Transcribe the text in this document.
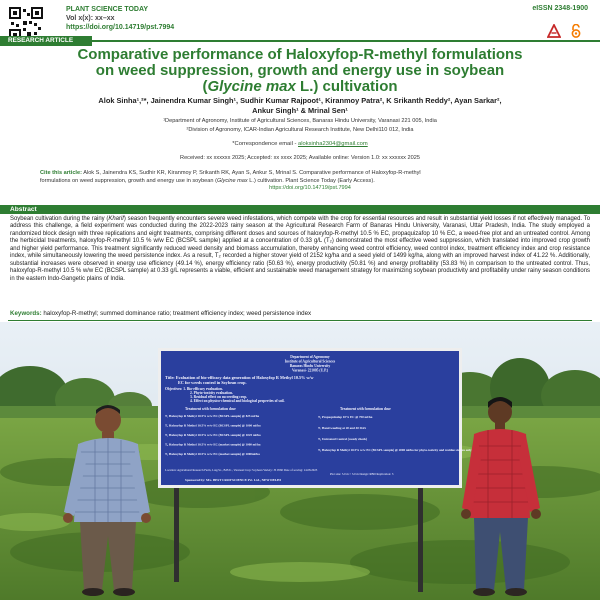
PLANT SCIENCE TODAY
Vol x(x): xx–xx
https://doi.org/10.14719/pst.7994
eISSN 2348-1900
RESEARCH ARTICLE
Comparative performance of Haloxyfop-R-methyl formulations
on weed suppression, growth and energy use in soybean
(Glycine max L.) cultivation
Alok Sinha¹,²*, Jainendra Kumar Singh¹, Sudhir Kumar Rajpoot¹, Kiranmoy Patra², K Srikanth Reddy², Ayan Sarkar²,
Ankur Singh¹ & Mrinal Sen¹
¹Department of Agronomy, Institute of Agricultural Sciences, Banaras Hindu University, Varanasi 221 005, India
²Division of Agronomy, ICAR-Indian Agricultural Research Institute, New Delhi110 012, India
*Correspondence email - aloksinha2304@gmail.com
Received: xx xxxxxx 2025; Accepted: xx xxxx 2025; Available online: Version 1.0: xx xxxxxx 2025
Cite this article: Alok S, Jainendra KS, Sudhir KR, Kiranmoy P, Srikanth RK, Ayan S, Ankur S, Mrinal S. Comparative performance of Haloxyfop-R-methyl
formulations on weed suppression, growth and energy use in soybean (Glycine max L.) cultivation. Plant Science Today (Early Access).
https://doi.org/10.14719/pst.7994
Abstract
Soybean cultivation during the rainy (Kharif) season frequently encounters severe weed infestations, which compete with the crop for essential resources and result in substantial yield losses if not effectively managed. To address this challenge, a field experiment was conducted during the 2022-2023 rainy season at the Agricultural Research Farm of Banaras Hindu University, Varanasi, Uttar Pradesh, India. The study employed a randomized block design with three replications and eight treatments, comprising different doses and sources of haloxyfop-R-methyl 10.5 % EC, propaquizafop 10 % EC, a weed-free plot and an untreated control. Among the herbicidal treatments, haloxyfop-R-methyl 10.5 % w/w EC (BCSPL sample) applied at a concentration of 0.33 g/L (T₂) demonstrated the most effective weed suppression, which translated into improved crop growth and higher yield performance. This treatment significantly reduced weed density and biomass accumulation, thereby enhancing weed control efficiency, weed control index, treatment efficiency index and crop resistance index, while simultaneously lowering the weed persistence index. As a result, T₂ recorded a higher stover yield of 2152 kg/ha and a seed yield of 1499 kg/ha, along with an improved harvest index of 41.22 %. Additionally, substantial increases were observed in energy use efficiency (49.14 %), energy efficiency ratio (50.63 %), energy productivity (50.81 %) and energy profitability (53.83 %) in comparison to the untreated control. Thus, haloxyfop-R-methyl 10.5 % w/w EC (BCSPL sample) at 0.33 g/L represents a viable, efficient and sustainable weed management strategy for maximizing soybean productivity and profitability under rainy season conditions in the eastern Indo-Gangetic plains of India.
Keywords: haloxyfop-R-methyl; summed dominance ratio; treatment efficiency index; weed persistence index
Department of Agronomy
Institute of Agricultural Sciences
Banaras Hindu University
Varanasi- 221005 (U.P.)
Title: Evaluation of bio-efficacy data generation of Haloxyfop R Methyl 10.5% w/w
EC for weeds control in Soybean crop.
Objectives: 1. Bio-efficacy evaluation.
2. Phyto-toxicity evaluation.
3. Residual effect on succeeding crop.
4. Effect on physico-chemical and biological properties of soil.
Treatment with formulation dose	Treatment with formulation dose
T₁ Haloxyfop R Methyl 10.5% w/w EC (BCSPL sample) @ 825 ml/ha
T₂ Haloxyfop R Methyl 10.5% w/w EC (BCSPL sample) @ 1000 ml/ha
T₃ Haloxyfop R Methyl 10.5% w/w EC (BCSPL sample) @ 1025 ml/ha
T₄ Haloxyfop R Methyl 10.5% w/w EC (market sample) @ 1000 ml/ha
T₅ Haloxyfop R Methyl 10.5% w/w EC (market sample) @ 1000ml/ha
T₆ Propaquizafop 10% EC @ 750 ml/ha
T₇ Hand weeding at 20 and 40 DAS
T₈ Untreated Control (weedy check)
T₉ Haloxyfop R Methyl 10.5% w/w EC (BCSPL sample) @ 2000 ml/ha for phyto-toxicity and residue studies only
Location: Agricultural Research Farm, I.Ag.Sc., B.H.U., Varanasi Crop: Soybean Variety: JS 9560 Date of sowing: 14.08.2023
Plot size: 5.0 m × 3.0 m Design: RBD Replication: 3
Sponsored by: M/s. BEST CROP SCIENCE Pvt. Ltd., NEW DELHI
